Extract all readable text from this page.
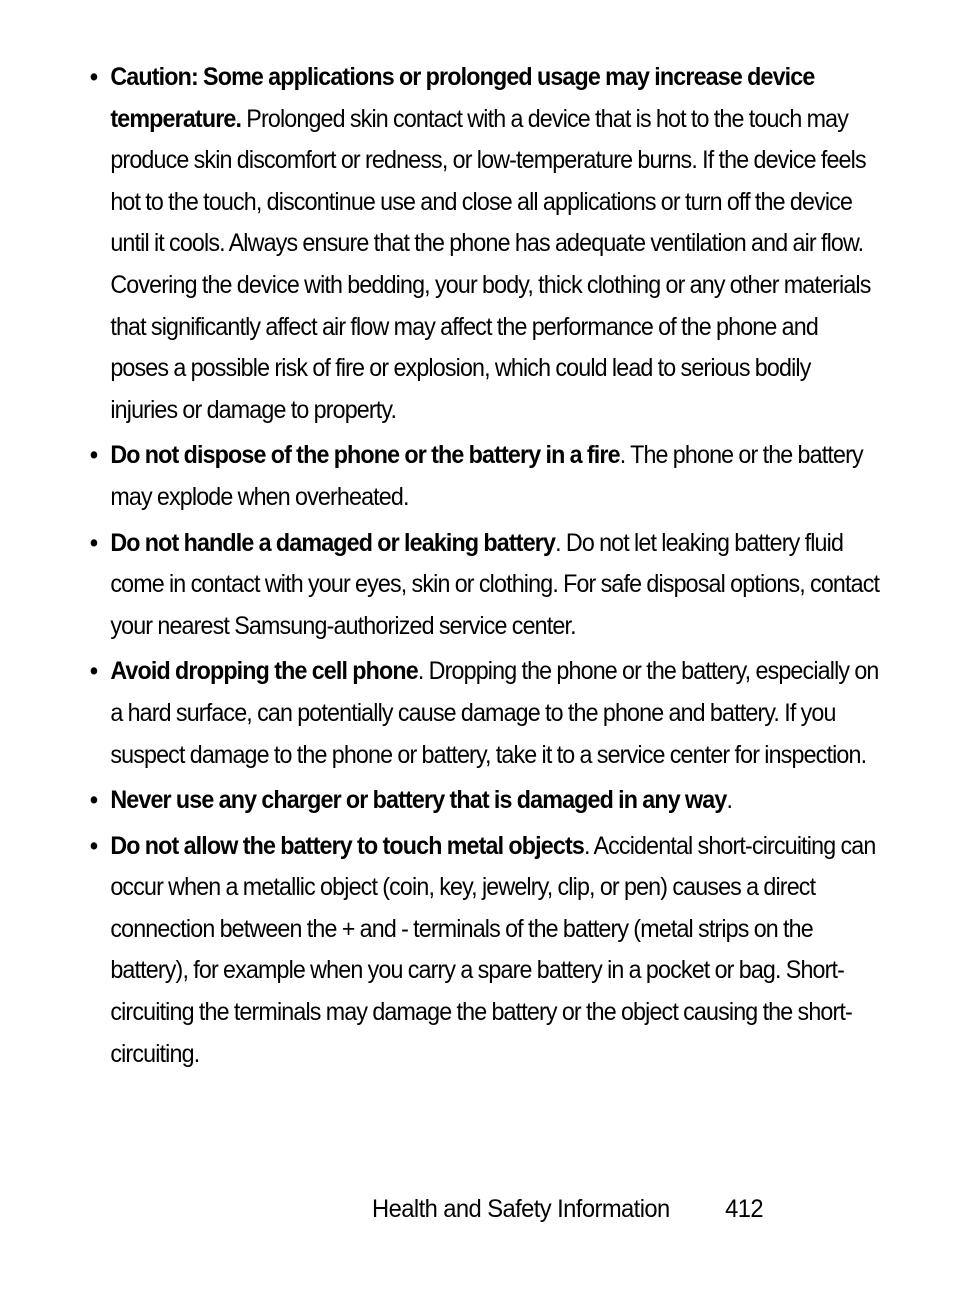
• Caution: Some applications or prolonged usage may increase device temperature. Prolonged skin contact with a device that is hot to the touch may produce skin discomfort or redness, or low-temperature burns. If the device feels hot to the touch, discontinue use and close all applications or turn off the device until it cools. Always ensure that the phone has adequate ventilation and air flow. Covering the device with bedding, your body, thick clothing or any other materials that significantly affect air flow may affect the performance of the phone and poses a possible risk of fire or explosion, which could lead to serious bodily injuries or damage to property.
• Do not dispose of the phone or the battery in a fire. The phone or the battery may explode when overheated.
• Do not handle a damaged or leaking battery. Do not let leaking battery fluid come in contact with your eyes, skin or clothing. For safe disposal options, contact your nearest Samsung-authorized service center.
• Avoid dropping the cell phone. Dropping the phone or the battery, especially on a hard surface, can potentially cause damage to the phone and battery. If you suspect damage to the phone or battery, take it to a service center for inspection.
• Never use any charger or battery that is damaged in any way.
• Do not allow the battery to touch metal objects. Accidental short-circuiting can occur when a metallic object (coin, key, jewelry, clip, or pen) causes a direct connection between the + and - terminals of the battery (metal strips on the battery), for example when you carry a spare battery in a pocket or bag. Short-circuiting the terminals may damage the battery or the object causing the short-circuiting.
Health and Safety Information 412
